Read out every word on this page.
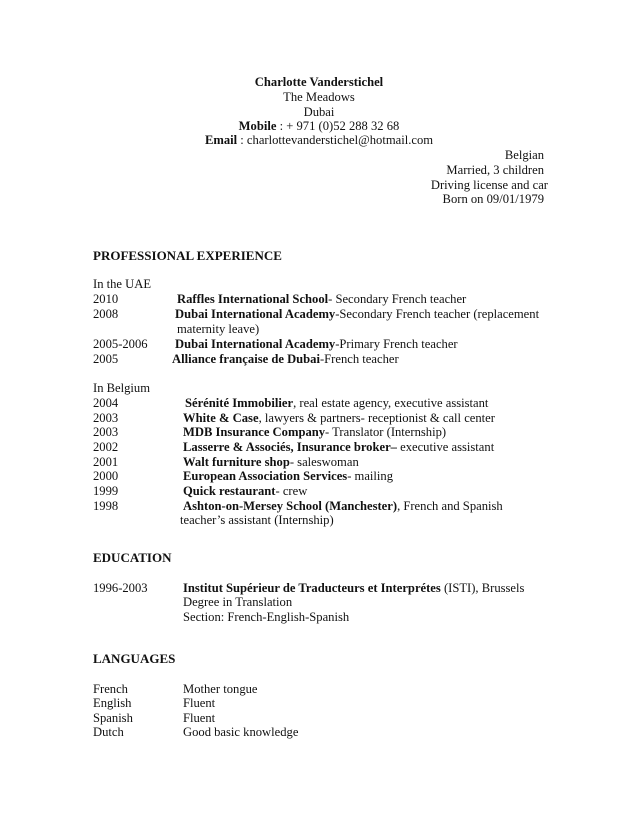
Charlotte Vanderstichel
The Meadows
Dubai
Mobile : + 971 (0)52 288 32 68
Email : charlottevanderstichel@hotmail.com
Belgian
Married, 3 children
Driving license and car
Born on 09/01/1979
PROFESSIONAL EXPERIENCE
In the UAE
2010	Raffles International School- Secondary French teacher
2008	Dubai International Academy-Secondary French teacher (replacement
maternity leave)
2005-2006 Dubai International Academy-Primary French teacher
2005	Alliance française de Dubai-French teacher
In Belgium
2004	Sérénité Immobilier, real estate agency, executive assistant
2003	White & Case, lawyers & partners- receptionist & call center
2003	MDB Insurance Company- Translator (Internship)
2002	Lasserre & Associés, Insurance broker– executive assistant
2001	Walt furniture shop- saleswoman
2000	European Association Services- mailing
1999	Quick restaurant- crew
1998	Ashton-on-Mersey School (Manchester), French and Spanish
teacher’s assistant (Internship)
EDUCATION
1996-2003	Institut Supérieur de Traducteurs et Interprétes (ISTI), Brussels
Degree in Translation
Section: French-English-Spanish
LANGUAGES
French	Mother tongue
English	Fluent
Spanish	Fluent
Dutch	Good basic knowledge
